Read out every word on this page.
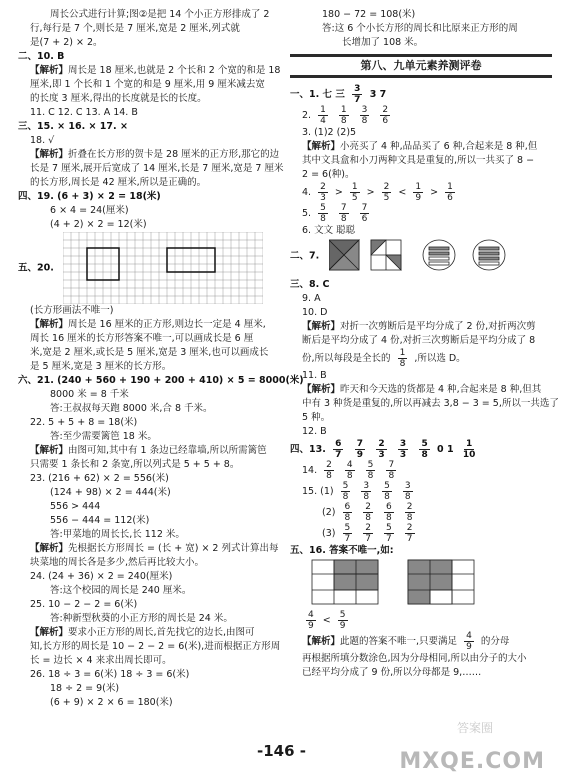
周长公式进行计算;图②是把 14 个小正方形排成了 2
行,每行是 7 个,则长是 7 厘米,宽是 2 厘米,列式就
是(7 + 2) × 2。
二、10. B
【解析】周长是 18 厘米,也就是 2 个长和 2 个宽的和是 18
厘米,即 1 个长和 1 个宽的和是 9 厘米,用 9 厘米减去宽
的长度 3 厘米,得出的长度就是长的长度。
11. C 12. C 13. A 14. B
三、15. × 16. × 17. ×
18. √
【解析】折叠在长方形的贺卡是 28 厘米的正方形,那它的边
长是 7 厘米,展开后宽成了 14 厘米,长是 7 厘米,宽是 7 厘米
的长方形,周长是 42 厘米,所以是正确的。
四、19. (6 + 3) × 2 = 18(米)
6 × 4 = 24(厘米)
(4 + 2) × 2 = 12(米)
五、20.
(长方形画法不唯一)
【解析】周长是 16 厘米的正方形,则边长一定是 4 厘米,
周长 16 厘米的长方形答案不唯一,可以画成长是 6 厘
米,宽是 2 厘米,或长是 5 厘米,宽是 3 厘米,也可以画成长
是 5 厘米,宽是 3 厘米的长方形。
六、21. (240 + 560 + 190 + 200 + 410) × 5 = 8000(米)
8000 米 = 8 千米
答:王叔叔每天跑 8000 米,合 8 千米。
22. 5 + 5 + 8 = 18(米)
答:至少需要篱笆 18 米。
【解析】由图可知,其中有 1 条边已经靠墙,所以所需篱笆
只需要 1 条长和 2 条宽,所以列式是 5 + 5 + 8。
23. (216 + 62) × 2 = 556(米)
(124 + 98) × 2 = 444(米)
556 > 444
556 − 444 = 112(米)
答:甲菜地的周长长,长 112 米。
【解析】先根据长方形周长 = (长 + 宽) × 2 列式计算出每
块菜地的周长各是多少,然后再比较大小。
24. (24 + 36) × 2 = 240(厘米)
答:这个校园的周长是 240 厘米。
25. 10 − 2 − 2 = 6(米)
答:种新型秋葵的小正方形的周长是 24 米。
【解析】要求小正方形的周长,首先找它的边长,由图可
知,长方形的周长是 10 − 2 − 2 = 6(米),进而根据正方形周
长 = 边长 × 4 来求出周长即可。
26. 18 ÷ 3 = 6(米) 18 ÷ 3 = 6(米)
18 ÷ 2 = 9(米)
(6 + 9) × 2 × 6 = 180(米)
180 − 72 = 108(米)
答:这 6 个小长方形的周长和比原来正方形的周
长增加了 108 米。
第八、九单元素养测评卷
一、1. 七 三 $\frac{3}{7} 3$ 7
2. $\frac{1}{4}$
$\frac{1}{8}$
$\frac{3}{8}$
$\frac{2}{6}$
3. (1)2 (2)5
【解析】小亮买了 4 种,品品买了 6 种,合起来是 8 种,但
其中文具盒和小刀两种文具是重复的,所以一共买了 8 −
2 = 6(种)。
4. $\frac{2}{3} > \frac{1}{5} > \frac{2}{5} < \frac{1}{9} > \frac{1}{6}$
5. $\frac{5}{8}$
$\frac{7}{8}$
$\frac{7}{6}$
6. 文文 聪聪
二、7.
三、8. C
9. A
10. D
【解析】对折一次剪断后是平均分成了 2 份,对折两次剪
断后是平均分成了 4 份,对折三次剪断后是平均分成了 8
份,所以每段是全长的 $\frac{1}{8}$ ,所以选 D。
11. B
【解析】昨天和今天选的货都是 4 种,合起来是 8 种,但其
中有 3 种货是重复的,所以再减去 3,8 − 3 = 5,所以一共选了
5 种。
12. B
四、13. $\frac{6}{7}$
$\frac{7}{9}$
$\frac{2}{3}$
$\frac{3}{3}$
$\frac{5}{8} 0$ $1 \frac{1}{10}$
14. $\frac{2}{8}$
$\frac{4}{8}$
$\frac{5}{8}$
$\frac{7}{8}$
15. $(1) \frac{5}{8}$
$\frac{3}{8}$
$\frac{5}{8}$
$\frac{3}{8}$
$(2) \frac{6}{8}$
$\frac{2}{8}$
$\frac{6}{8}$
$\frac{2}{8}$
$(3) \frac{5}{7}$
$\frac{2}{7}$
$\frac{5}{7}$
$\frac{2}{7}$
五、16. 答案不唯一,如:
$\frac{4}{9} < \frac{5}{9}$
【解析】此题的答案不唯一,只要满足 $\frac{4}{9}$ 的分母
再根据所填分数涂色,因为分母相同,所以由分子的大小
已经平均分成了 9 份,所以分母都是 9,……
-146 -
答案圈
MXQE.COM
